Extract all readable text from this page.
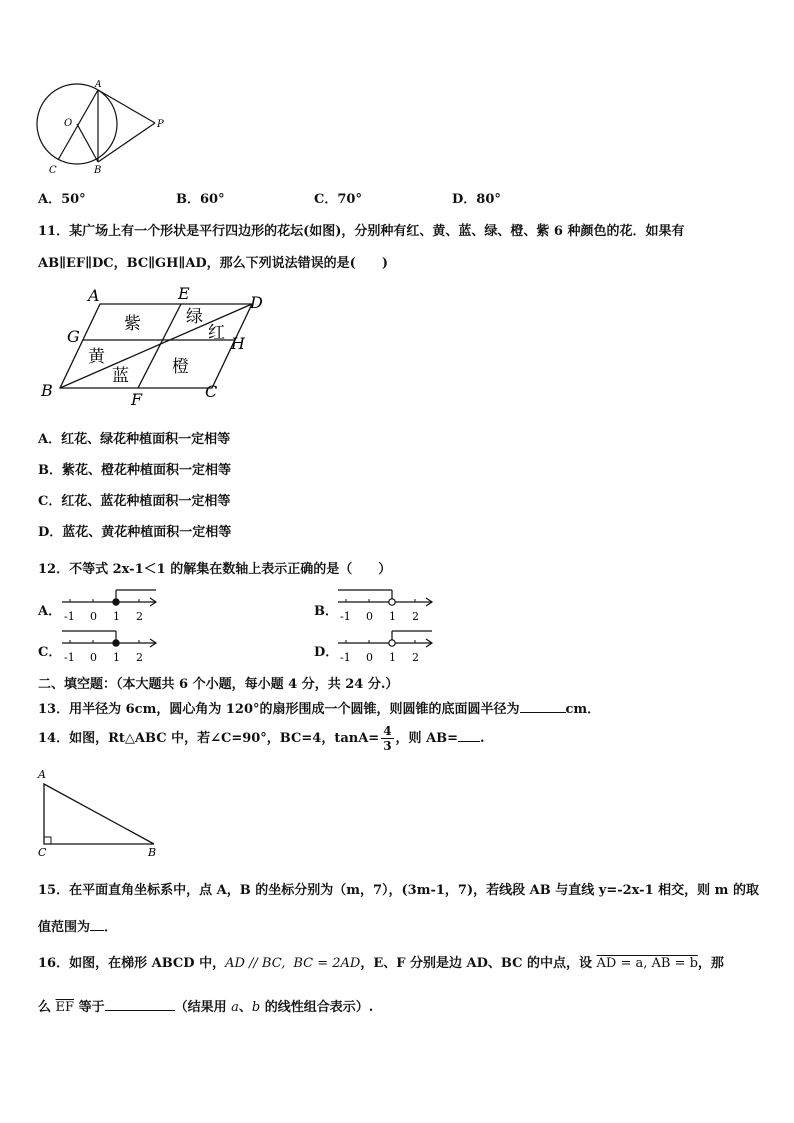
A
O	P
B
C
A．50°	B．60°	C．70°	D．80°
11．某广场上有一个形状是平行四边形的花坛(如图)，分别种有红、黄、蓝、绿、橙、紫 6 种颜色的花．如果有
AB∥EF∥DC，BC∥GH∥AD，那么下列说法错误的是(　　)
A	E	D
G	H
B	F	C
紫	绿
红
黄	橙
蓝
A．红花、绿花种植面积一定相等
B．紫花、橙花种植面积一定相等
C．红花、蓝花种植面积一定相等
D．蓝花、黄花种植面积一定相等
12．不等式 2x-1＜1 的解集在数轴上表示正确的是（　　）
A． -1 0 1 2	B． -1 0 1 2
C． -1 0 1 2	D． -1 0 1 2
二、填空题：（本大题共 6 个小题，每小题 4 分，共 24 分.）
13．用半径为 6cm，圆心角为 120°的扇形围成一个圆锥，则圆锥的底面圆半径为	cm．
14．如图，Rt△ABC 中，若∠C=90°，BC=4，$\tan A= \frac{4}{3}$ ，则 AB= .
A
C	B
15．在平面直角坐标系中，点 A，B 的坐标分别为（m，7），(3m-1，7)，若线段 AB 与直线 y=-2x-1 相交，则 m 的取
值范围为 ．
16．如图，在梯形 ABCD 中，AD // BC, BC = 2AD，E、F 分别是边 AD、BC 的中点，设 AD = a, AB = b，那
么 $\overline{EF}$ 等于	（结果用 a、b 的线性组合表示）.
